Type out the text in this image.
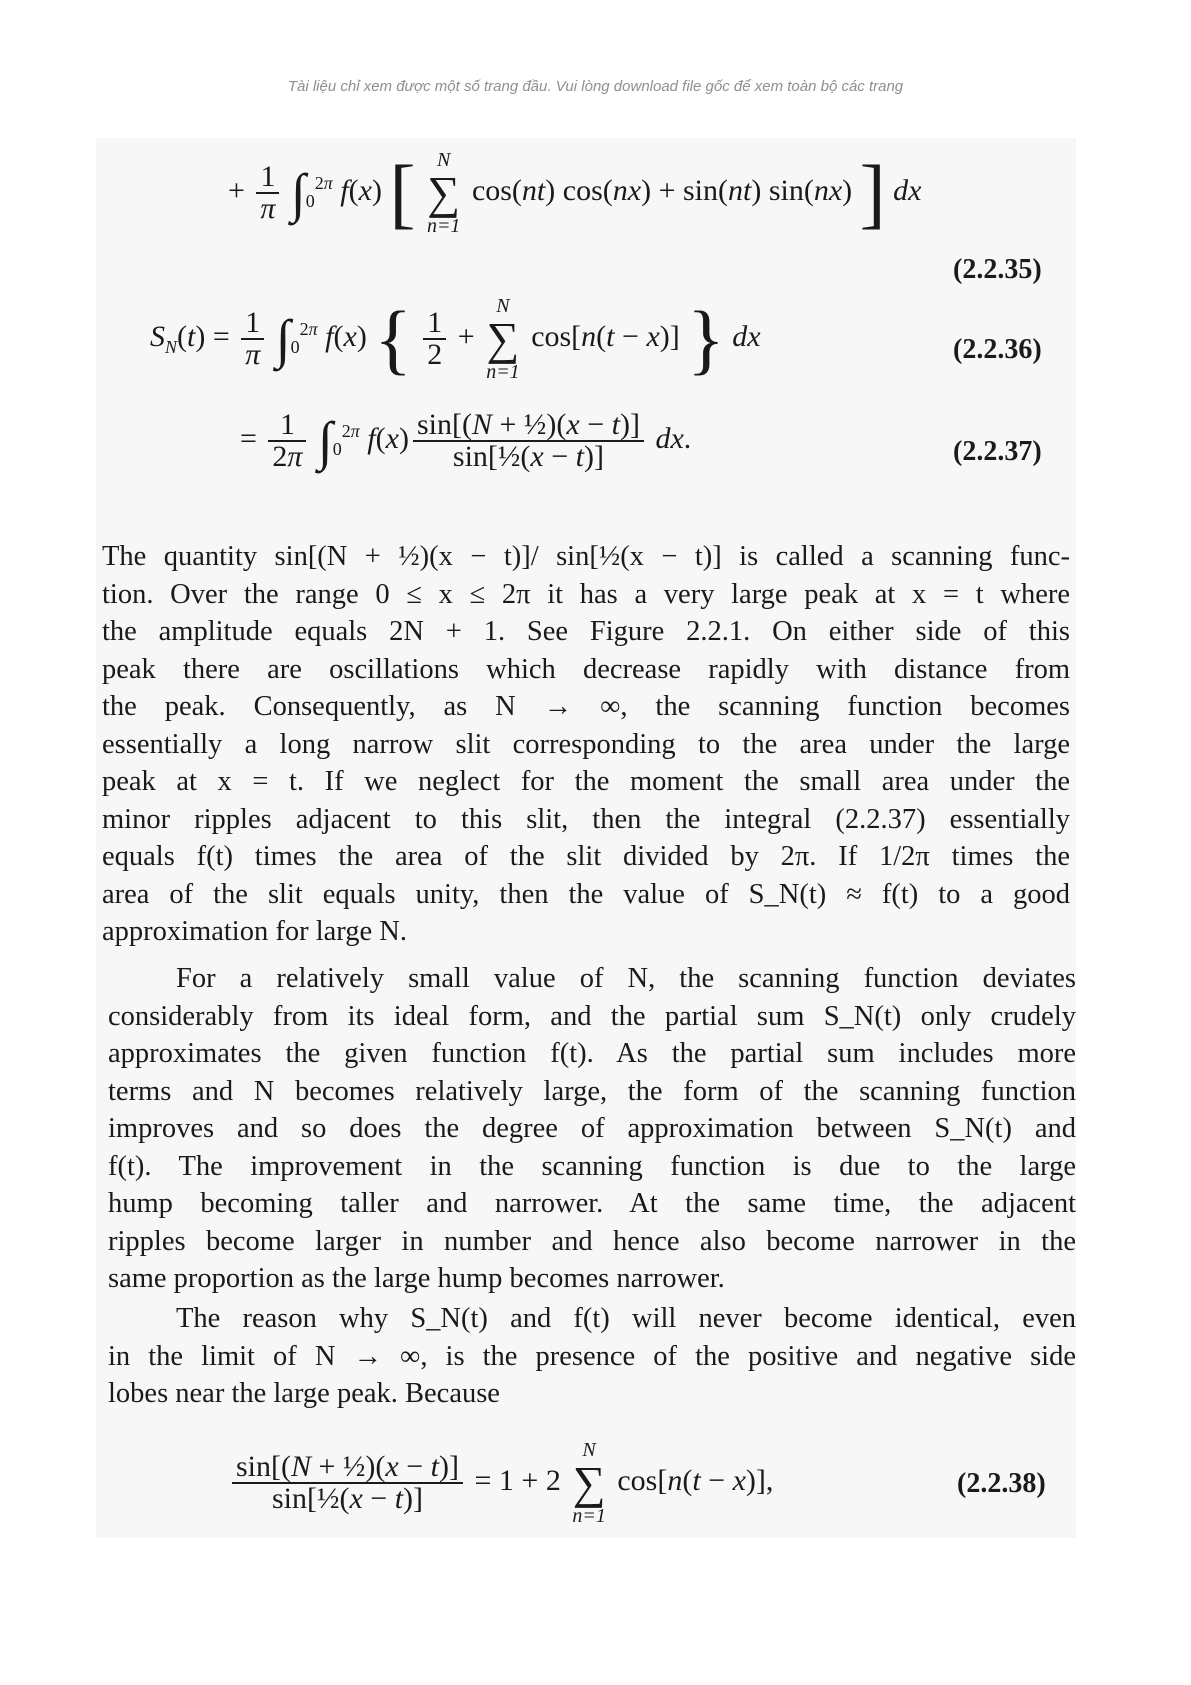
Tài liệu chỉ xem được một số trang đầu. Vui lòng download file gốc để xem toàn bộ các trang
+ $\frac{1}{\pi} \int_0^{2\pi}$ f(x) [	N
∑
n=1
cos(nt) cos(nx) + sin(nt) sin(nx) ] dx
(2.2.35)
$S_N(t) = \frac{1}{\pi} \int_0^{2\pi}$ f(x) { $\frac{1}{2}$ +
N
∑
n=1
cos[n(t − x)] } dx	(2.2.36)
= $\frac{1}{2\pi} \int_0^{2\pi}$ $f(x) \frac{\text{sin[(N + ½)(x − t)]}}{\text{sin[½(x − t)]}}$ dx.	(2.2.37)
The quantity sin[(N + ½)(x − t)]/ sin[½(x − t)] is called a scanning func-
tion. Over the range 0 ≤ x ≤ 2π it has a very large peak at x = t where
the amplitude equals 2N + 1. See Figure 2.2.1. On either side of this
peak there are oscillations which decrease rapidly with distance from
the peak. Consequently, as N → ∞, the scanning function becomes
essentially a long narrow slit corresponding to the area under the large
peak at x = t. If we neglect for the moment the small area under the
minor ripples adjacent to this slit, then the integral (2.2.37) essentially
equals f(t) times the area of the slit divided by 2π. If 1/2π times the
area of the slit equals unity, then the value of S_N(t) ≈ f(t) to a good
approximation for large N.
For a relatively small value of N, the scanning function deviates
considerably from its ideal form, and the partial sum S_N(t) only crudely
approximates the given function f(t). As the partial sum includes more
terms and N becomes relatively large, the form of the scanning function
improves and so does the degree of approximation between S_N(t) and
f(t). The improvement in the scanning function is due to the large
hump becoming taller and narrower. At the same time, the adjacent
ripples become larger in number and hence also become narrower in the
same proportion as the large hump becomes narrower.
The reason why S_N(t) and f(t) will never become identical, even
in the limit of N → ∞, is the presence of the positive and negative side
lobes near the large peak. Because
$\frac{\text{sin[(N + ½)(x − t)]}}{\text{sin[½(x − t)]}} = 1 + 2$
N
∑
n=1
cos[n(t − x)],	(2.2.38)
